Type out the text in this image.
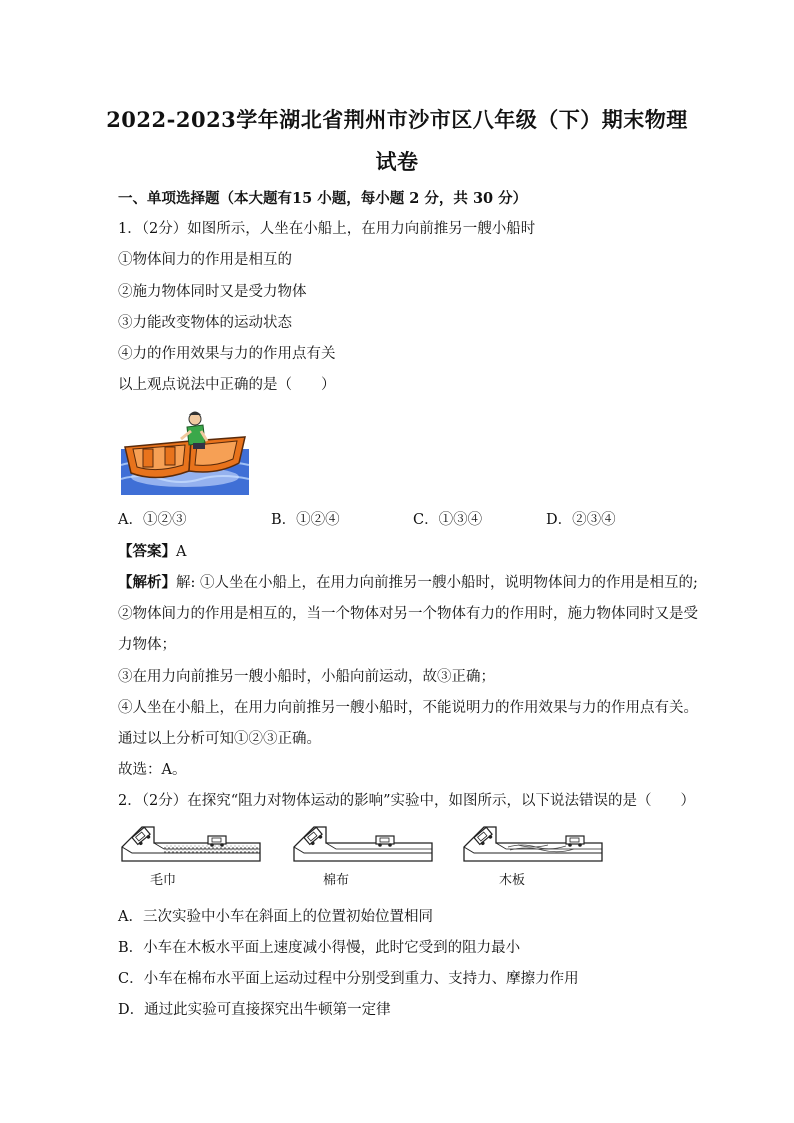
2022-2023学年湖北省荆州市沙市区八年级（下）期末物理
试卷
一、单项选择题（本大题有15 小题，每小题 2 分，共 30 分）
1．（2分）如图所示，人坐在小船上，在用力向前推另一艘小船时
①物体间力的作用是相互的
②施力物体同时又是受力物体
③力能改变物体的运动状态
④力的作用效果与力的作用点有关
以上观点说法中正确的是（　　）
A．①②③	B．①②④	C．①③④	D．②③④
【答案】A
【解析】解: ①人坐在小船上，在用力向前推另一艘小船时，说明物体间力的作用是相互的;
②物体间力的作用是相互的，当一个物体对另一个物体有力的作用时，施力物体同时又是受
力物体；
③在用力向前推另一艘小船时，小船向前运动，故③正确；
④人坐在小船上，在用力向前推另一艘小船时，不能说明力的作用效果与力的作用点有关。
通过以上分析可知①②③正确。
故选：A。
2．（2分）在探究“阻力对物体运动的影响”实验中，如图所示，以下说法错误的是（　　）
毛巾	棉布	木板
A．三次实验中小车在斜面上的位置初始位置相同
B．小车在木板水平面上速度减小得慢，此时它受到的阻力最小
C．小车在棉布水平面上运动过程中分别受到重力、支持力、摩擦力作用
D．通过此实验可直接探究出牛顿第一定律
